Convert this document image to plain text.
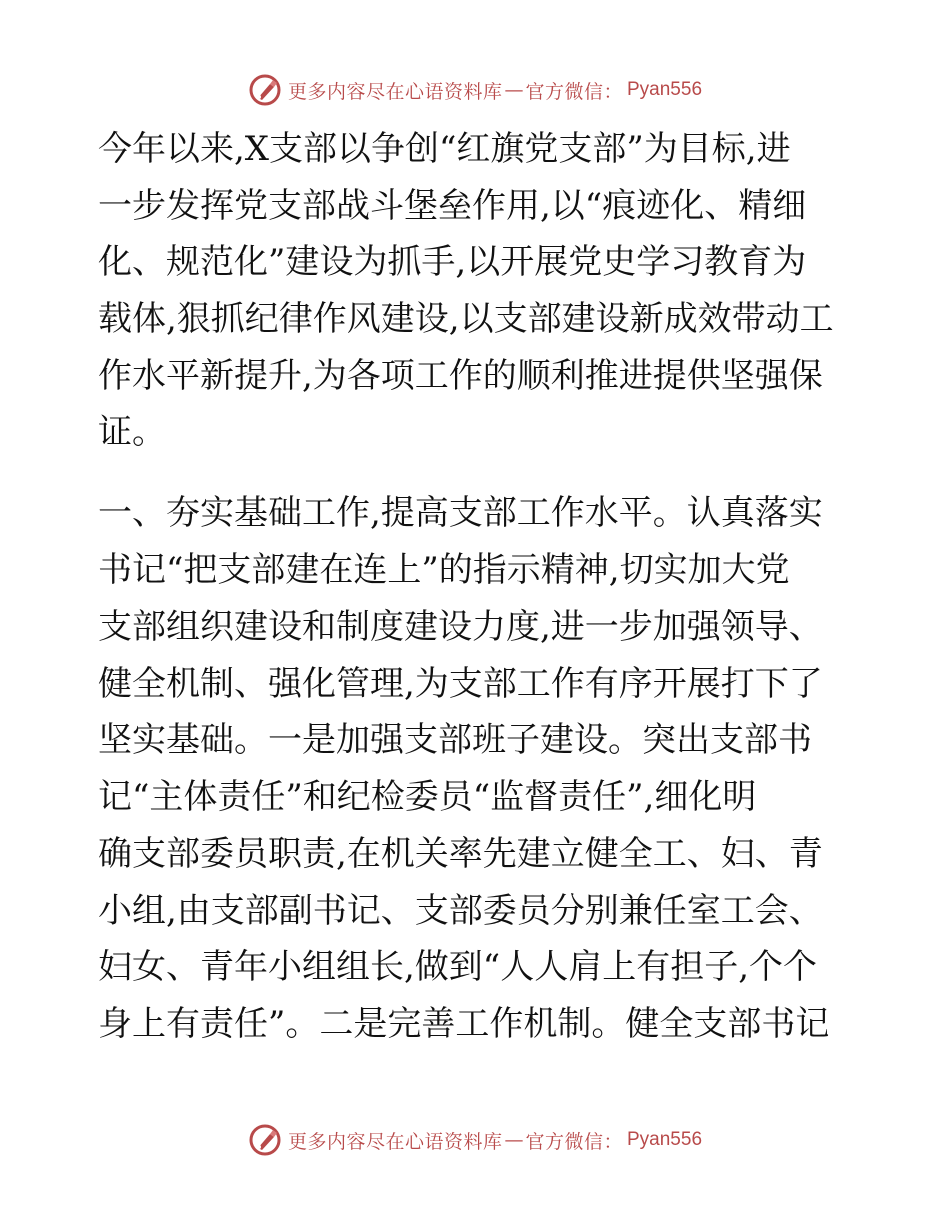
更多内容尽在心语资料库 — 官方微信： Pyan556
今年以来,X支部以争创“红旗党支部”为目标,进
一步发挥党支部战斗堡垒作用,以“痕迹化、精细
化、规范化”建设为抓手,以开展党史学习教育为
载体,狠抓纪律作风建设,以支部建设新成效带动工
作水平新提升,为各项工作的顺利推进提供坚强保
证。
一、夯实基础工作,提高支部工作水平。认真落实
书记“把支部建在连上”的指示精神,切实加大党
支部组织建设和制度建设力度,进一步加强领导、
健全机制、强化管理,为支部工作有序开展打下了
坚实基础。一是加强支部班子建设。突出支部书
记“主体责任”和纪检委员“监督责任”,细化明
确支部委员职责,在机关率先建立健全工、妇、青
小组,由支部副书记、支部委员分别兼任室工会、
妇女、青年小组组长,做到“人人肩上有担子,个个
身上有责任”。二是完善工作机制。健全支部书记
更多内容尽在心语资料库 — 官方微信： Pyan556
